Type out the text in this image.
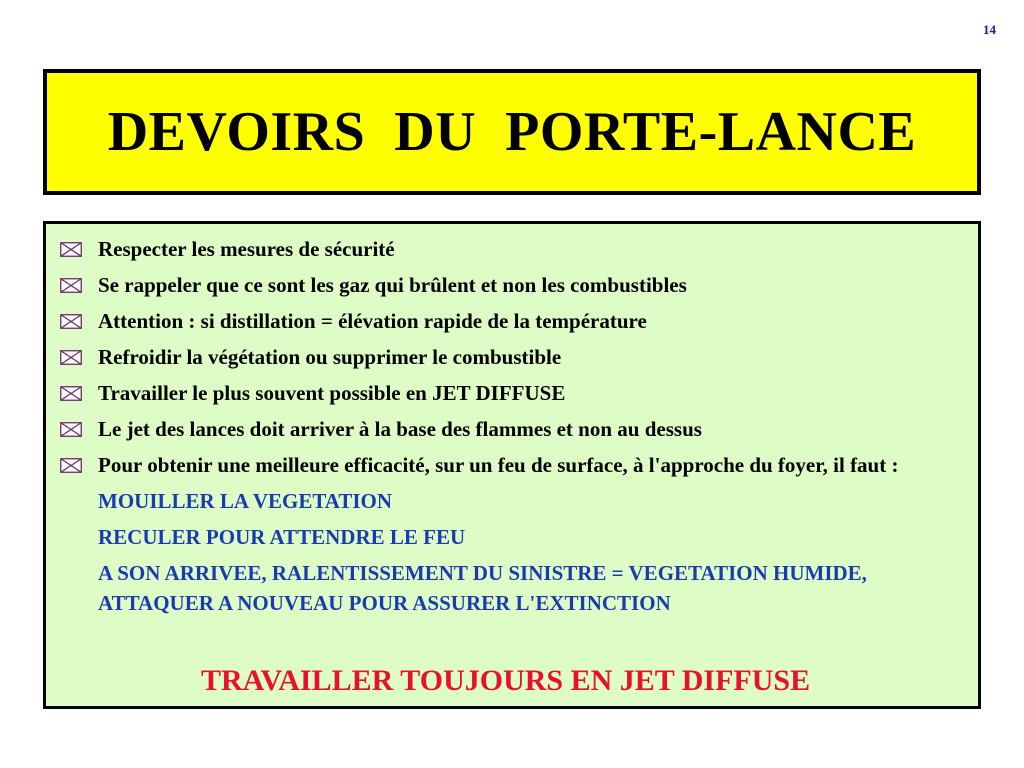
14
DEVOIRS  DU PORTE-LANCE
Respecter les mesures de sécurité
Se rappeler que ce sont les gaz qui brûlent et non les combustibles
Attention : si distillation = élévation rapide de la température
Refroidir la végétation ou supprimer le combustible
Travailler le plus souvent possible en JET DIFFUSE
Le jet des lances doit arriver à la base des flammes et non au dessus
Pour obtenir une meilleure efficacité, sur un feu de surface, à l'approche du foyer, il faut :
MOUILLER LA VEGETATION
RECULER POUR ATTENDRE LE FEU
A SON ARRIVEE, RALENTISSEMENT DU SINISTRE = VEGETATION HUMIDE, ATTAQUER A NOUVEAU POUR ASSURER L'EXTINCTION
TRAVAILLER TOUJOURS EN JET DIFFUSE
